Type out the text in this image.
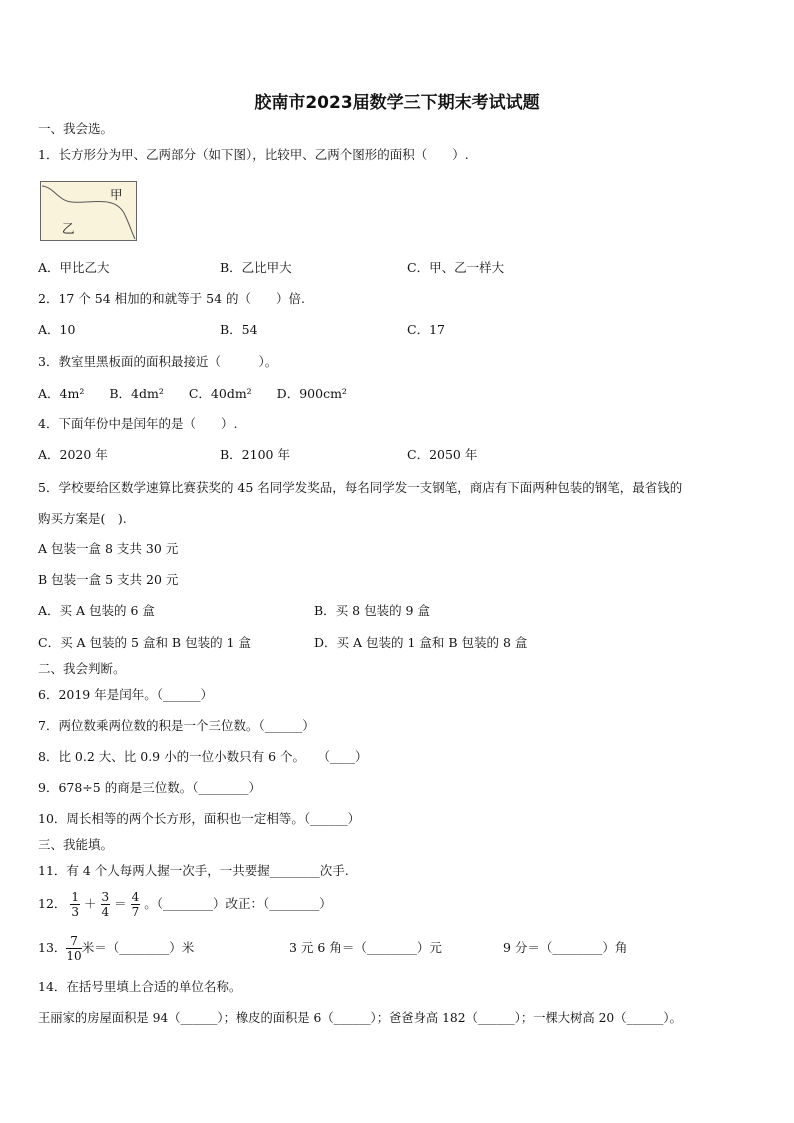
胶南市2023届数学三下期末考试试题
一、我会选。
1．长方形分为甲、乙两部分（如下图），比较甲、乙两个图形的面积（　　）.
甲
乙
A．甲比乙大	B．乙比甲大	C．甲、乙一样大
2．17 个 54 相加的和就等于 54 的（　　）倍.
A．10	B．54	C．17
3．教室里黑板面的面积最接近（　　　）。
A．4m²　　B．4dm²　　C．40dm²　　D．900cm²
4．下面年份中是闰年的是（　　）.
A．2020 年	B．2100 年	C．2050 年
5．学校要给区数学速算比赛获奖的 45 名同学发奖品，每名同学发一支钢笔，商店有下面两种包装的钢笔，最省钱的
购买方案是(　).
A 包装一盒 8 支共 30 元
B 包装一盒 5 支共 20 元
A．买 A 包装的 6 盒	B．买 8 包装的 9 盒
C．买 A 包装的 5 盒和 B 包装的 1 盒	D．买 A 包装的 1 盒和 B 包装的 8 盒
二、我会判断。
6．2019 年是闰年。（______）
7．两位数乘两位数的积是一个三位数。（______）
8．比 0.2 大、比 0.9 小的一位小数只有 6 个。　　（____）
9．678÷5 的商是三位数。（________）
10．周长相等的两个长方形，面积也一定相等。（______）
三、我能填。
11．有 4 个人每两人握一次手，一共要握________次手.
12． $\frac{1}{3} + \frac{3}{4} = \frac{4}{7}$ 。（________）改正：（________）
13． $\frac{7}{10}$ 米＝（________）米	3 元 6 角＝（________）元	9 分＝（________）角
14．在括号里填上合适的单位名称。
王丽家的房屋面积是 94（______）；橡皮的面积是 6（______）；爸爸身高 182（______）；一棵大树高 20（______）。
